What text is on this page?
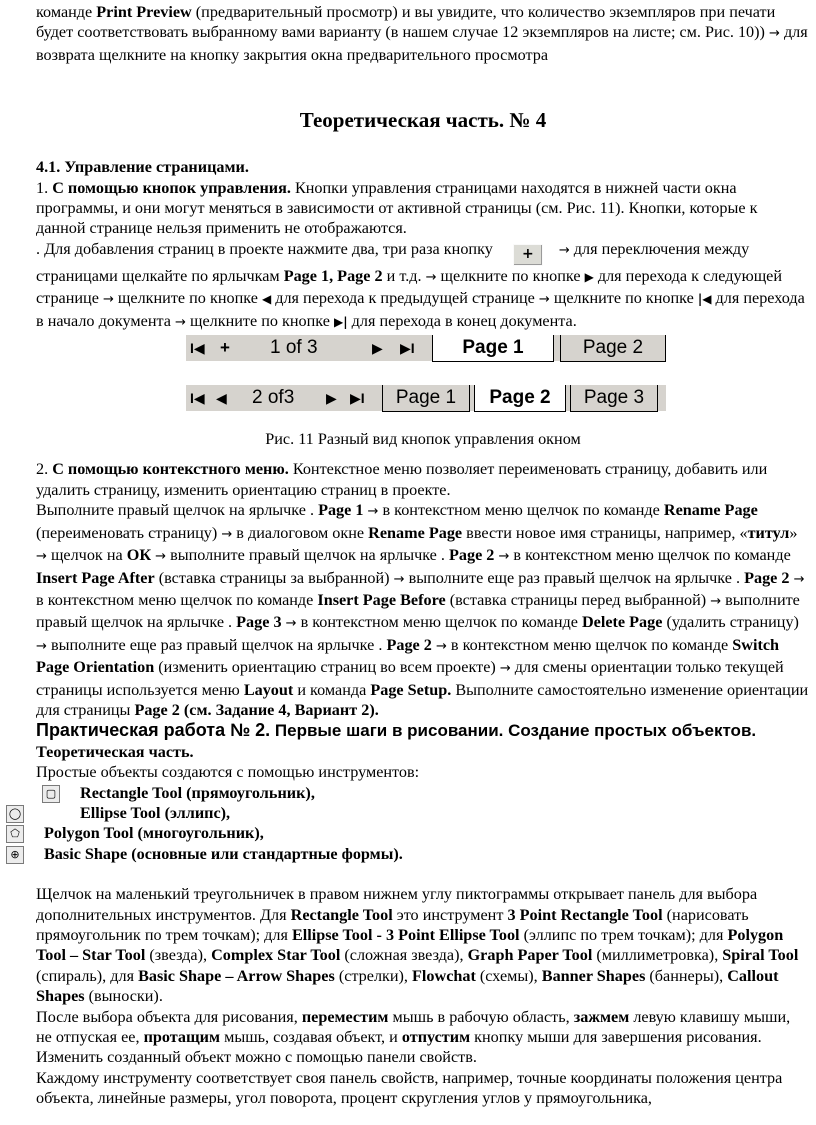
команде Print Preview (предварительный просмотр) и вы увидите, что количество экземпляров при печати будет соответствовать выбранному вами варианту (в нашем случае 12 экземпляров на листе; см. Рис. 10)) → для возврата щелкните на кнопку закрытия окна предварительного просмотра

Теоретическая часть. № 4

4.1. Управление страницами.

1. С помощью кнопок управления. Кнопки управления страницами находятся в нижней части окна программы, и они могут меняться в зависимости от активной страницы (см. Рис. 11). Кнопки, которые к данной странице нельзя применить не отображаются.

. Для добавления страниц в проекте нажмите два, три раза кнопку + → для переключения между страницами щелкайте по ярлычкам Page 1, Page 2 и т.д. → щелкните по кнопке ▶ для перехода к следующей странице → щелкните по кнопке ◀ для перехода к предыдущей странице → щелкните по кнопке |◀ для перехода в начало документа → щелкните по кнопке ▶| для перехода в конец документа.

I◀ + 1 of 3	▶ ▶I	Page 1	Page 2
I◀ ◀ 2 of3 ▶ ▶I	Page 1	Page 2	Page 3

Рис. 11 Разный вид кнопок управления окном

2. С помощью контекстного меню. Контекстное меню позволяет переименовать страницу, добавить или удалить страницу, изменить ориентацию страниц в проекте.

Выполните правый щелчок на ярлычке . Page 1 → в контекстном меню щелчок по команде Rename Page (переименовать страницу) → в диалоговом окне Rename Page ввести новое имя страницы, например, «титул» → щелчок на ОК → выполните правый щелчок на ярлычке . Page 2 → в контекстном меню щелчок по команде Insert Page After (вставка страницы за выбранной) → выполните еще раз правый щелчок на ярлычке . Page 2 → в контекстном меню щелчок по команде Insert Page Before (вставка страницы перед выбранной) → выполните правый щелчок на ярлычке . Page 3 → в контекстном меню щелчок по команде Delete Page (удалить страницу) → выполните еще раз правый щелчок на ярлычке . Page 2 → в контекстном меню щелчок по команде Switch Page Orientation (изменить ориентацию страниц во всем проекте) → для смены ориентации только текущей страницы используется меню Layout и команда Page Setup. Выполните самостоятельно изменение ориентации для страницы Page 2 (см. Задание 4, Вариант 2).

Практическая работа № 2. Первые шаги в рисовании. Создание простых объектов.

Теоретическая часть.

Простые объекты создаются с помощью инструментов:

▢ Rectangle Tool (прямоугольник),
◯	Ellipse Tool (эллипс),
⬠ Polygon Tool (многоугольник),
⊕ Basic Shape (основные или стандартные формы).

Щелчок на маленький треугольничек в правом нижнем углу пиктограммы открывает панель для выбора дополнительных инструментов. Для Rectangle Tool это инструмент 3 Point Rectangle Tool (нарисовать прямоугольник по трем точкам); для Ellipse Tool - 3 Point Ellipse Tool (эллипс по трем точкам); для Polygon Tool – Star Tool (звезда), Complex Star Tool (сложная звезда), Graph Paper Tool (миллиметровка), Spiral Tool (спираль), для Basic Shape – Arrow Shapes (стрелки), Flowchat (схемы), Banner Shapes (баннеры), Callout Shapes (выноски).

После выбора объекта для рисования, переместим мышь в рабочую область, зажмем левую клавишу мыши, не отпуская ее, протащим мышь, создавая объект, и отпустим кнопку мыши для завершения рисования. Изменить созданный объект можно с помощью панели свойств.

Каждому инструменту соответствует своя панель свойств, например, точные координаты положения центра объекта, линейные размеры, угол поворота, процент скругления углов у прямоугольника,
